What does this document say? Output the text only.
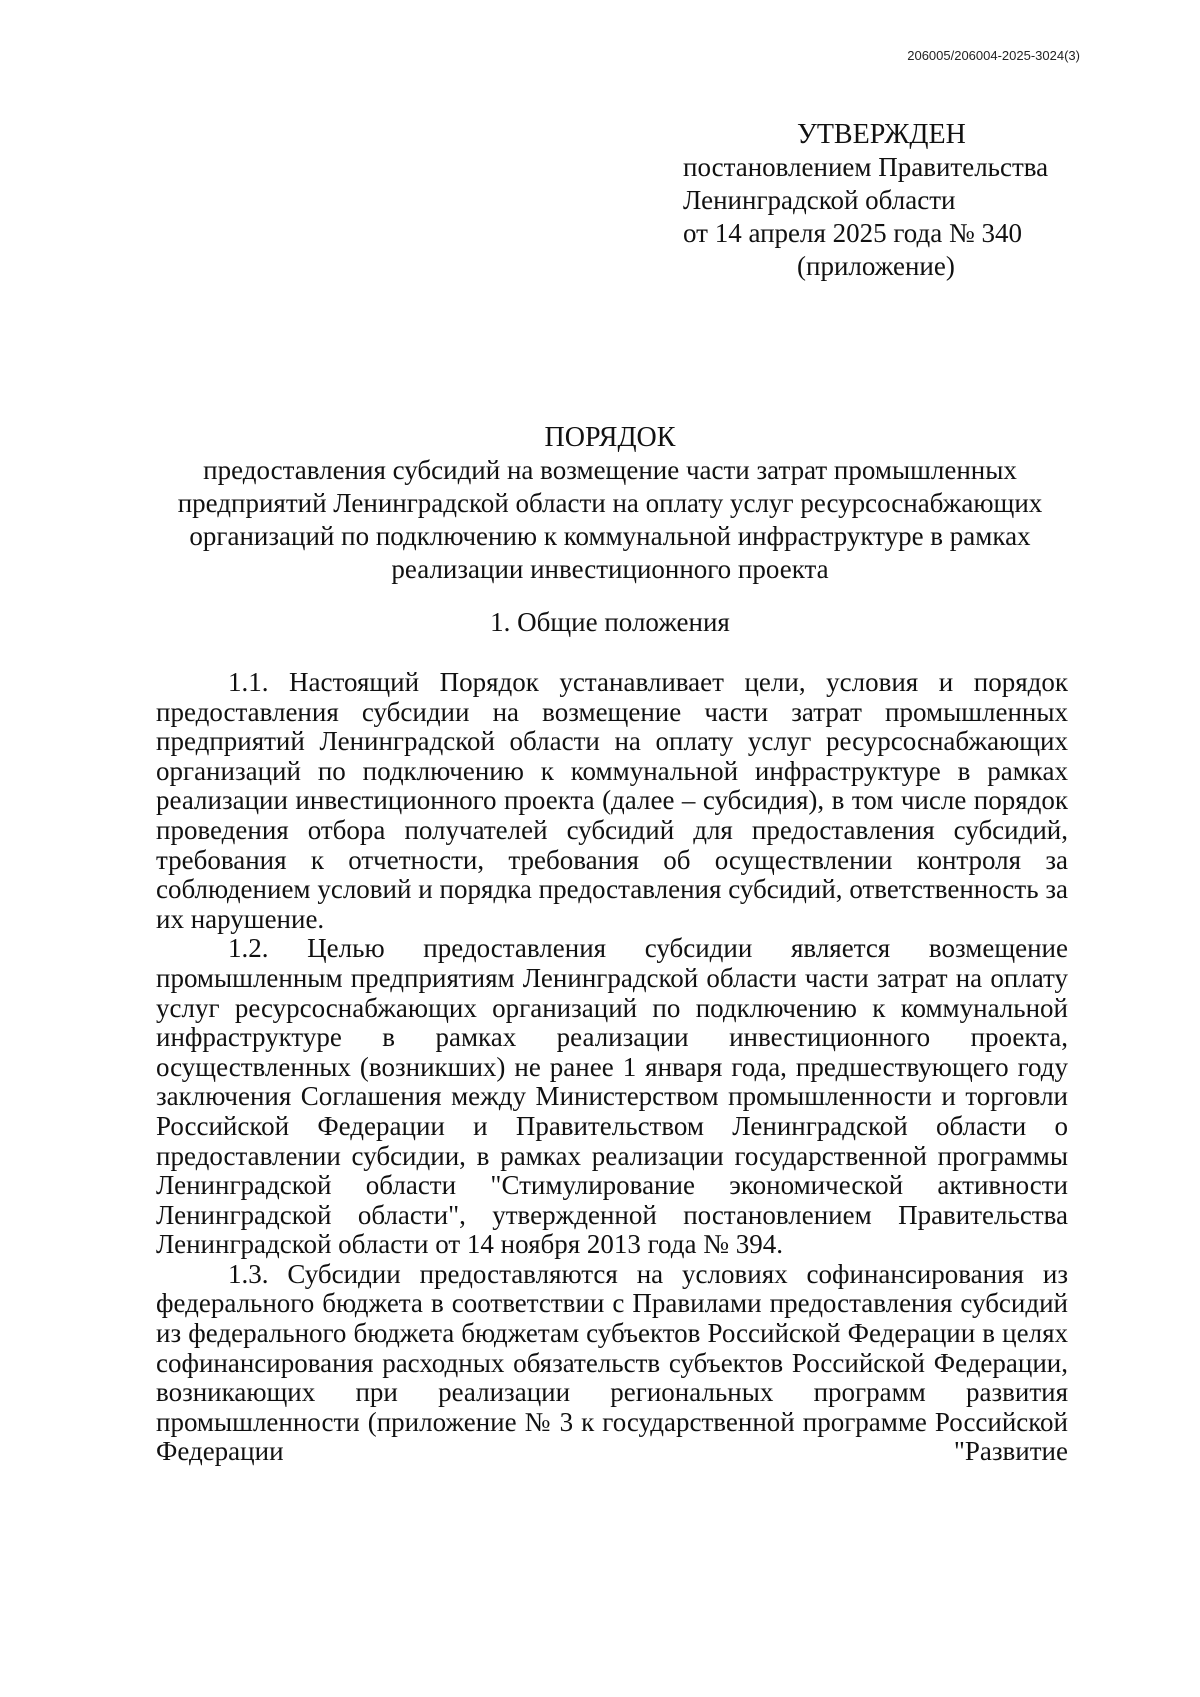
206005/206004-2025-3024(3)
УТВЕРЖДЕН
постановлением Правительства
Ленинградской области
от 14 апреля 2025 года № 340
(приложение)
ПОРЯДОК
предоставления субсидий на возмещение части затрат промышленных предприятий Ленинградской области на оплату услуг ресурсоснабжающих организаций по подключению к коммунальной инфраструктуре в рамках реализации инвестиционного проекта
1. Общие положения

1.1. Настоящий Порядок устанавливает цели, условия и порядок предоставления субсидии на возмещение части затрат промышленных предприятий Ленинградской области на оплату услуг ресурсоснабжающих организаций по подключению к коммунальной инфраструктуре в рамках реализации инвестиционного проекта (далее – субсидия), в том числе порядок проведения отбора получателей субсидий для предоставления субсидий, требования к отчетности, требования об осуществлении контроля за соблюдением условий и порядка предоставления субсидий, ответственность за их нарушение.

1.2. Целью предоставления субсидии является возмещение промышленным предприятиям Ленинградской области части затрат на оплату услуг ресурсоснабжающих организаций по подключению к коммунальной инфраструктуре в рамках реализации инвестиционного проекта, осуществленных (возникших) не ранее 1 января года, предшествующего году заключения Соглашения между Министерством промышленности и торговли Российской Федерации и Правительством Ленинградской области о предоставлении субсидии, в рамках реализации государственной программы Ленинградской области "Стимулирование экономической активности Ленинградской области", утвержденной постановлением Правительства Ленинградской области от 14 ноября 2013 года № 394.

1.3. Субсидии предоставляются на условиях софинансирования из федерального бюджета в соответствии с Правилами предоставления субсидий из федерального бюджета бюджетам субъектов Российской Федерации в целях софинансирования расходных обязательств субъектов Российской Федерации, возникающих при реализации региональных программ развития промышленности (приложение № 3 к государственной программе Российской Федерации "Развитие
